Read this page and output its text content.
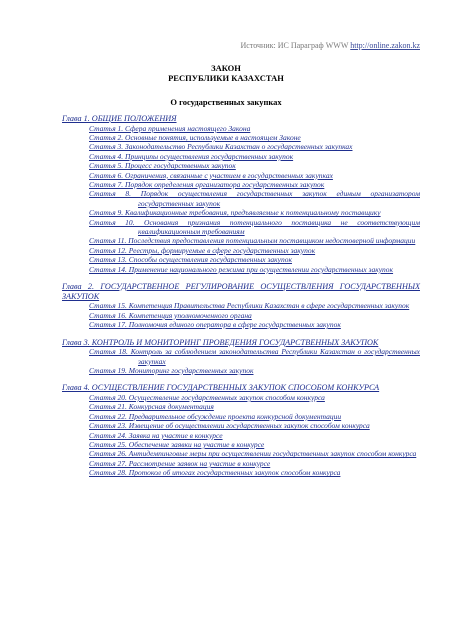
Источник: ИС Параграф WWW http://online.zakon.kz
ЗАКОН
РЕСПУБЛИКИ КАЗАХСТАН
О государственных закупках
Глава 1. ОБЩИЕ ПОЛОЖЕНИЯ
Статья 1. Сфера применения настоящего Закона
Статья 2. Основные понятия, используемые в настоящем Законе
Статья 3. Законодательство Республики Казахстан о государственных закупках
Статья 4. Принципы осуществления государственных закупок
Статья 5. Процесс государственных закупок
Статья 6. Ограничения, связанные с участием в государственных закупках
Статья 7. Порядок определения организатора государственных закупок
Статья 8. Порядок осуществления государственных закупок единым организатором государственных закупок
Статья 9. Квалификационные требования, предъявляемые к потенциальному поставщику
Статья 10. Основания признания потенциального поставщика не соответствующим квалификационным требованиям
Статья 11. Последствия предоставления потенциальным поставщиком недостоверной информации
Статья 12. Реестры, формируемые в сфере государственных закупок
Статья 13. Способы осуществления государственных закупок
Статья 14. Применение национального режима при осуществлении государственных закупок
Глава 2. ГОСУДАРСТВЕННОЕ РЕГУЛИРОВАНИЕ ОСУЩЕСТВЛЕНИЯ ГОСУДАРСТВЕННЫХ ЗАКУПОК
Статья 15. Компетенция Правительства Республики Казахстан в сфере государственных закупок
Статья 16. Компетенция уполномоченного органа
Статья 17. Полномочия единого оператора в сфере государственных закупок
Глава 3. КОНТРОЛЬ И МОНИТОРИНГ ПРОВЕДЕНИЯ ГОСУДАРСТВЕННЫХ ЗАКУПОК
Статья 18. Контроль за соблюдением законодательства Республики Казахстан о государственных закупках
Статья 19. Мониторинг государственных закупок
Глава 4. ОСУЩЕСТВЛЕНИЕ ГОСУДАРСТВЕННЫХ ЗАКУПОК СПОСОБОМ КОНКУРСА
Статья 20. Осуществление государственных закупок способом конкурса
Статья 21. Конкурсная документация
Статья 22. Предварительное обсуждение проекта конкурсной документации
Статья 23. Извещение об осуществлении государственных закупок способом конкурса
Статья 24. Заявка на участие в конкурсе
Статья 25. Обеспечение заявки на участие в конкурсе
Статья 26. Антидемпинговые меры при осуществлении государственных закупок способом конкурса
Статья 27. Рассмотрение заявок на участие в конкурсе
Статья 28. Протокол об итогах государственных закупок способом конкурса
